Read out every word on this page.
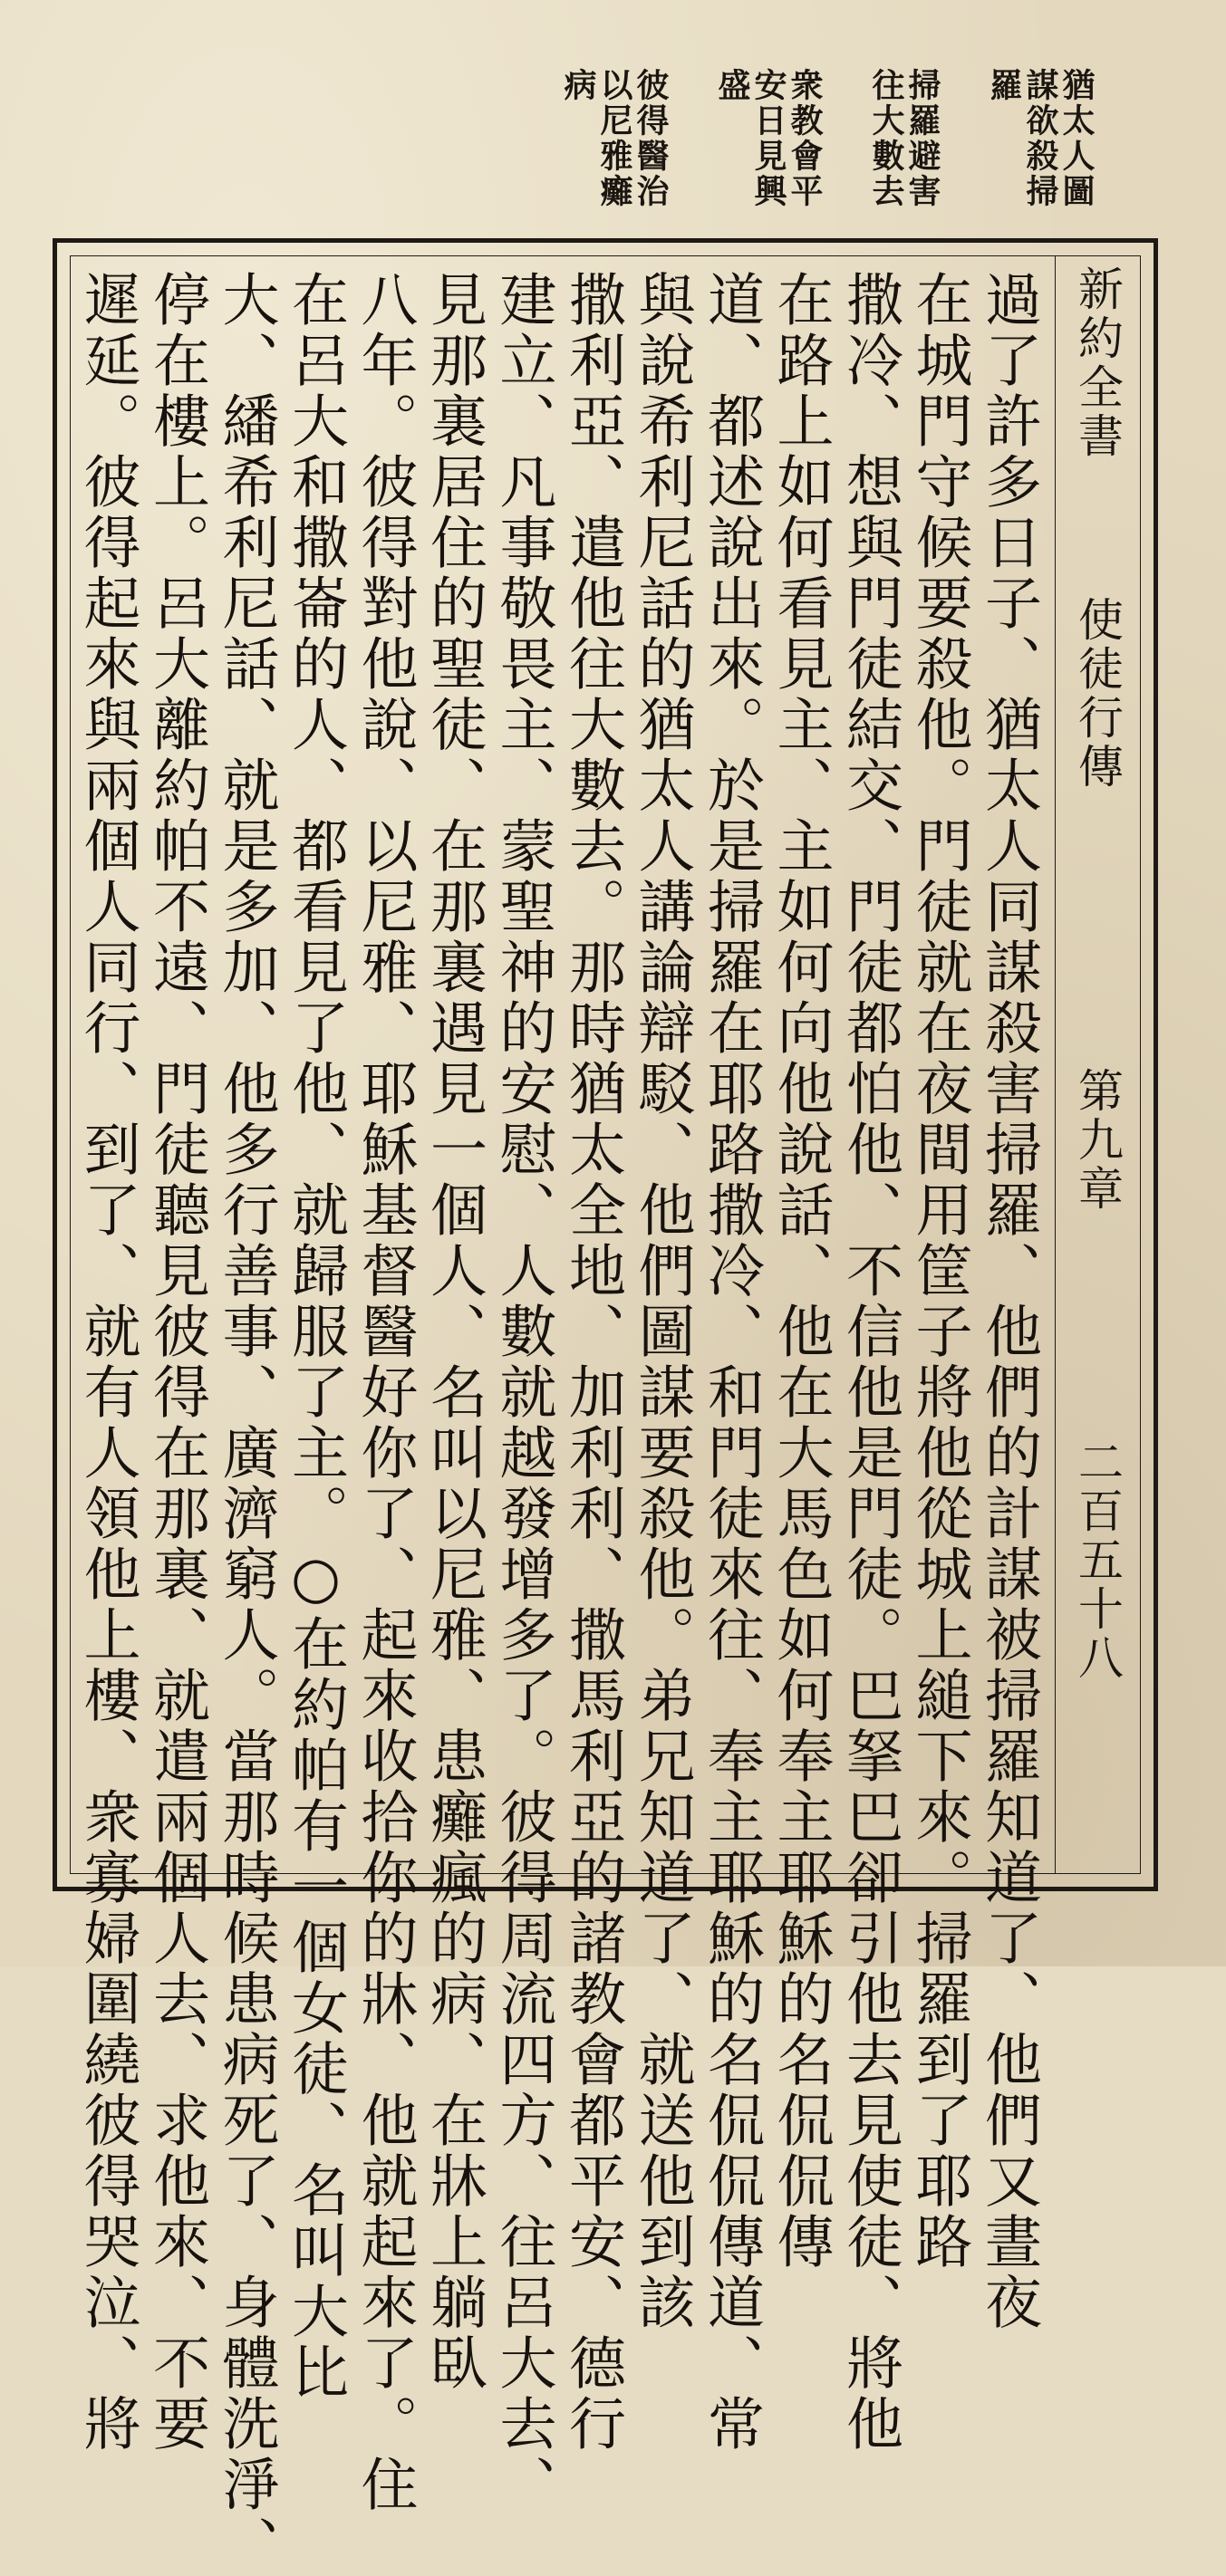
猶太人圖
謀欲殺掃
羅
掃羅避害
往大數去
衆教會平
安日見興
盛
彼得醫治
以尼雅癱
病
新約全書
使徒行傳
第九章
二百五十八
過了許多日子、猶太人同謀殺害掃羅、他們的計謀被掃羅知道了、他們又晝夜
在城門守候要殺他。門徒就在夜間用筐子將他從城上縋下來。掃羅到了耶路
撒冷、想與門徒結交、門徒都怕他、不信他是門徒。巴拏巴卻引他去見使徒、將他
在路上如何看見主、主如何向他說話、他在大馬色如何奉主耶穌的名侃侃傳
道、都述說出來。於是掃羅在耶路撒冷、和門徒來往、奉主耶穌的名侃侃傳道、常
與說希利尼話的猶太人講論辯駁、他們圖謀要殺他。弟兄知道了、就送他到該
撒利亞、遣他往大數去。那時猶太全地、加利利、撒馬利亞的諸教會都平安、德行
建立、凡事敬畏主、蒙聖神的安慰、人數就越發增多了。彼得周流四方、往呂大去、
見那裏居住的聖徒、在那裏遇見一個人、名叫以尼雅、患癱瘋的病、在牀上躺臥
八年。彼得對他說、以尼雅、耶穌基督醫好你了、起來收拾你的牀、他就起來了。住
在呂大和撒崙的人、都看見了他、就歸服了主。○在約帕有一個女徒、名叫大比
大、繙希利尼話、就是多加、他多行善事、廣濟窮人。當那時候患病死了、身體洗淨、
停在樓上。呂大離約帕不遠、門徒聽見彼得在那裏、就遣兩個人去、求他來、不要
遲延。彼得起來與兩個人同行、到了、就有人領他上樓、衆寡婦圍繞彼得哭泣、將
